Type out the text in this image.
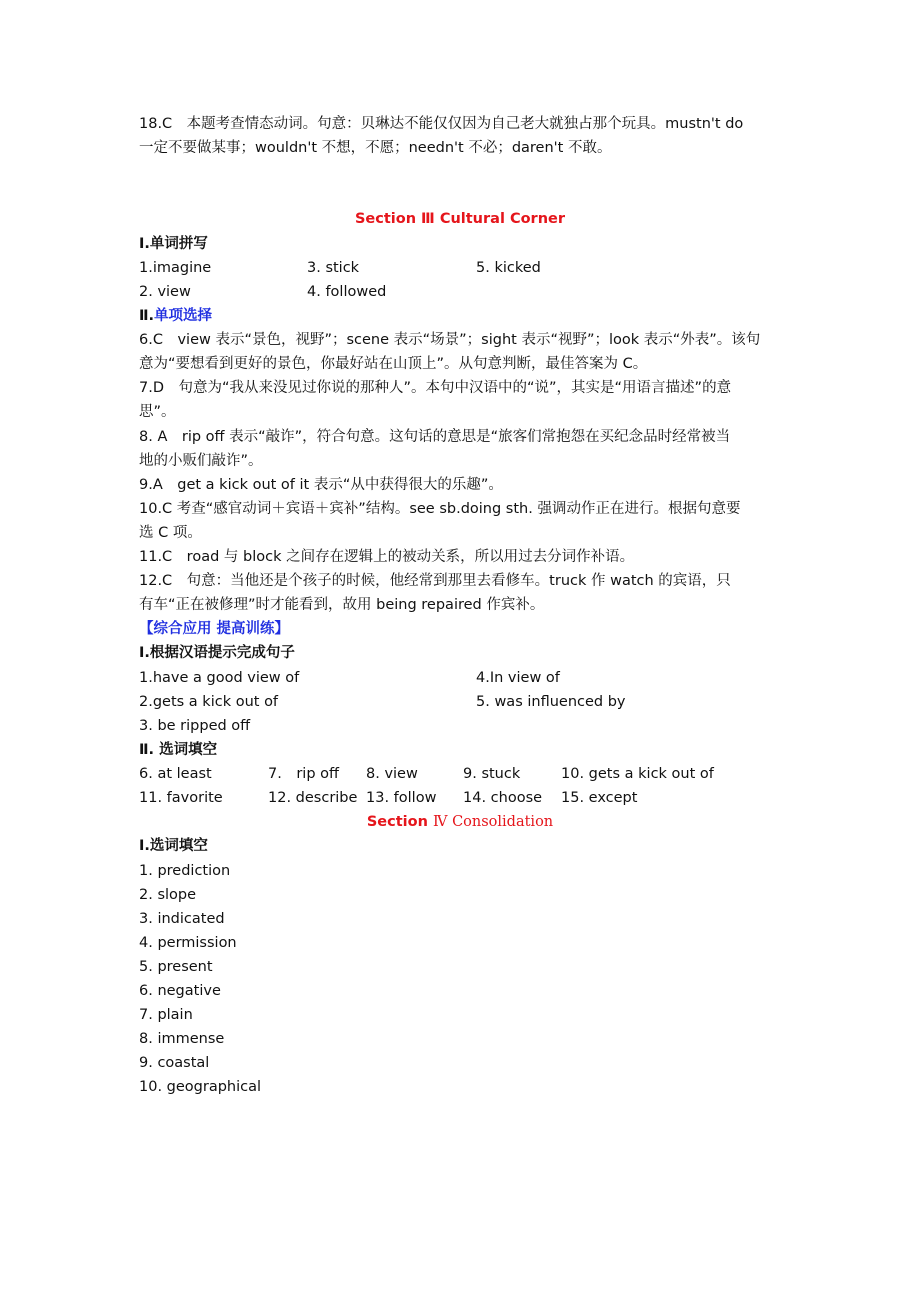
18.C　本题考查情态动词。句意：贝琳达不能仅仅因为自己老大就独占那个玩具。mustn't do
一定不要做某事；wouldn't 不想，不愿；needn't 不必；daren't 不敢。
Section Ⅲ Cultural Corner
Ⅰ.单词拼写
1.imagine	3. stick	5. kicked
2. view	4. followed
Ⅱ.单项选择
6.C　view 表示“景色，视野”；scene 表示“场景”；sight 表示“视野”；look 表示“外表”。该句
意为“要想看到更好的景色，你最好站在山顶上”。从句意判断，最佳答案为 C。
7.D　句意为“我从来没见过你说的那种人”。本句中汉语中的“说”，其实是“用语言描述”的意
思”。
8. A　rip off 表示“敲诈”，符合句意。这句话的意思是“旅客们常抱怨在买纪念品时经常被当
地的小贩们敲诈”。
9.A　get a kick out of it 表示“从中获得很大的乐趣”。
10.C 考查“感官动词＋宾语＋宾补”结构。see sb.doing sth. 强调动作正在进行。根据句意要
选 C 项。
11.C　road 与 block 之间存在逻辑上的被动关系，所以用过去分词作补语。
12.C　句意：当他还是个孩子的时候，他经常到那里去看修车。truck 作 watch 的宾语，只
有车“正在被修理”时才能看到，故用 being repaired 作宾补。
【综合应用 提高训练】
Ⅰ.根据汉语提示完成句子
1.have a good view of	4.In view of
2.gets a kick out of	5. was influenced by
3. be ripped off
Ⅱ. 选词填空
6. at least	7.　rip off 8. view	9. stuck	10. gets a kick out of
11. favorite	12. describe 13. follow 14. choose 15. except
Section Ⅳ Consolidation
Ⅰ.选词填空
1. prediction
2. slope
3. indicated
4. permission
5. present
6. negative
7. plain
8. immense
9. coastal
10. geographical
